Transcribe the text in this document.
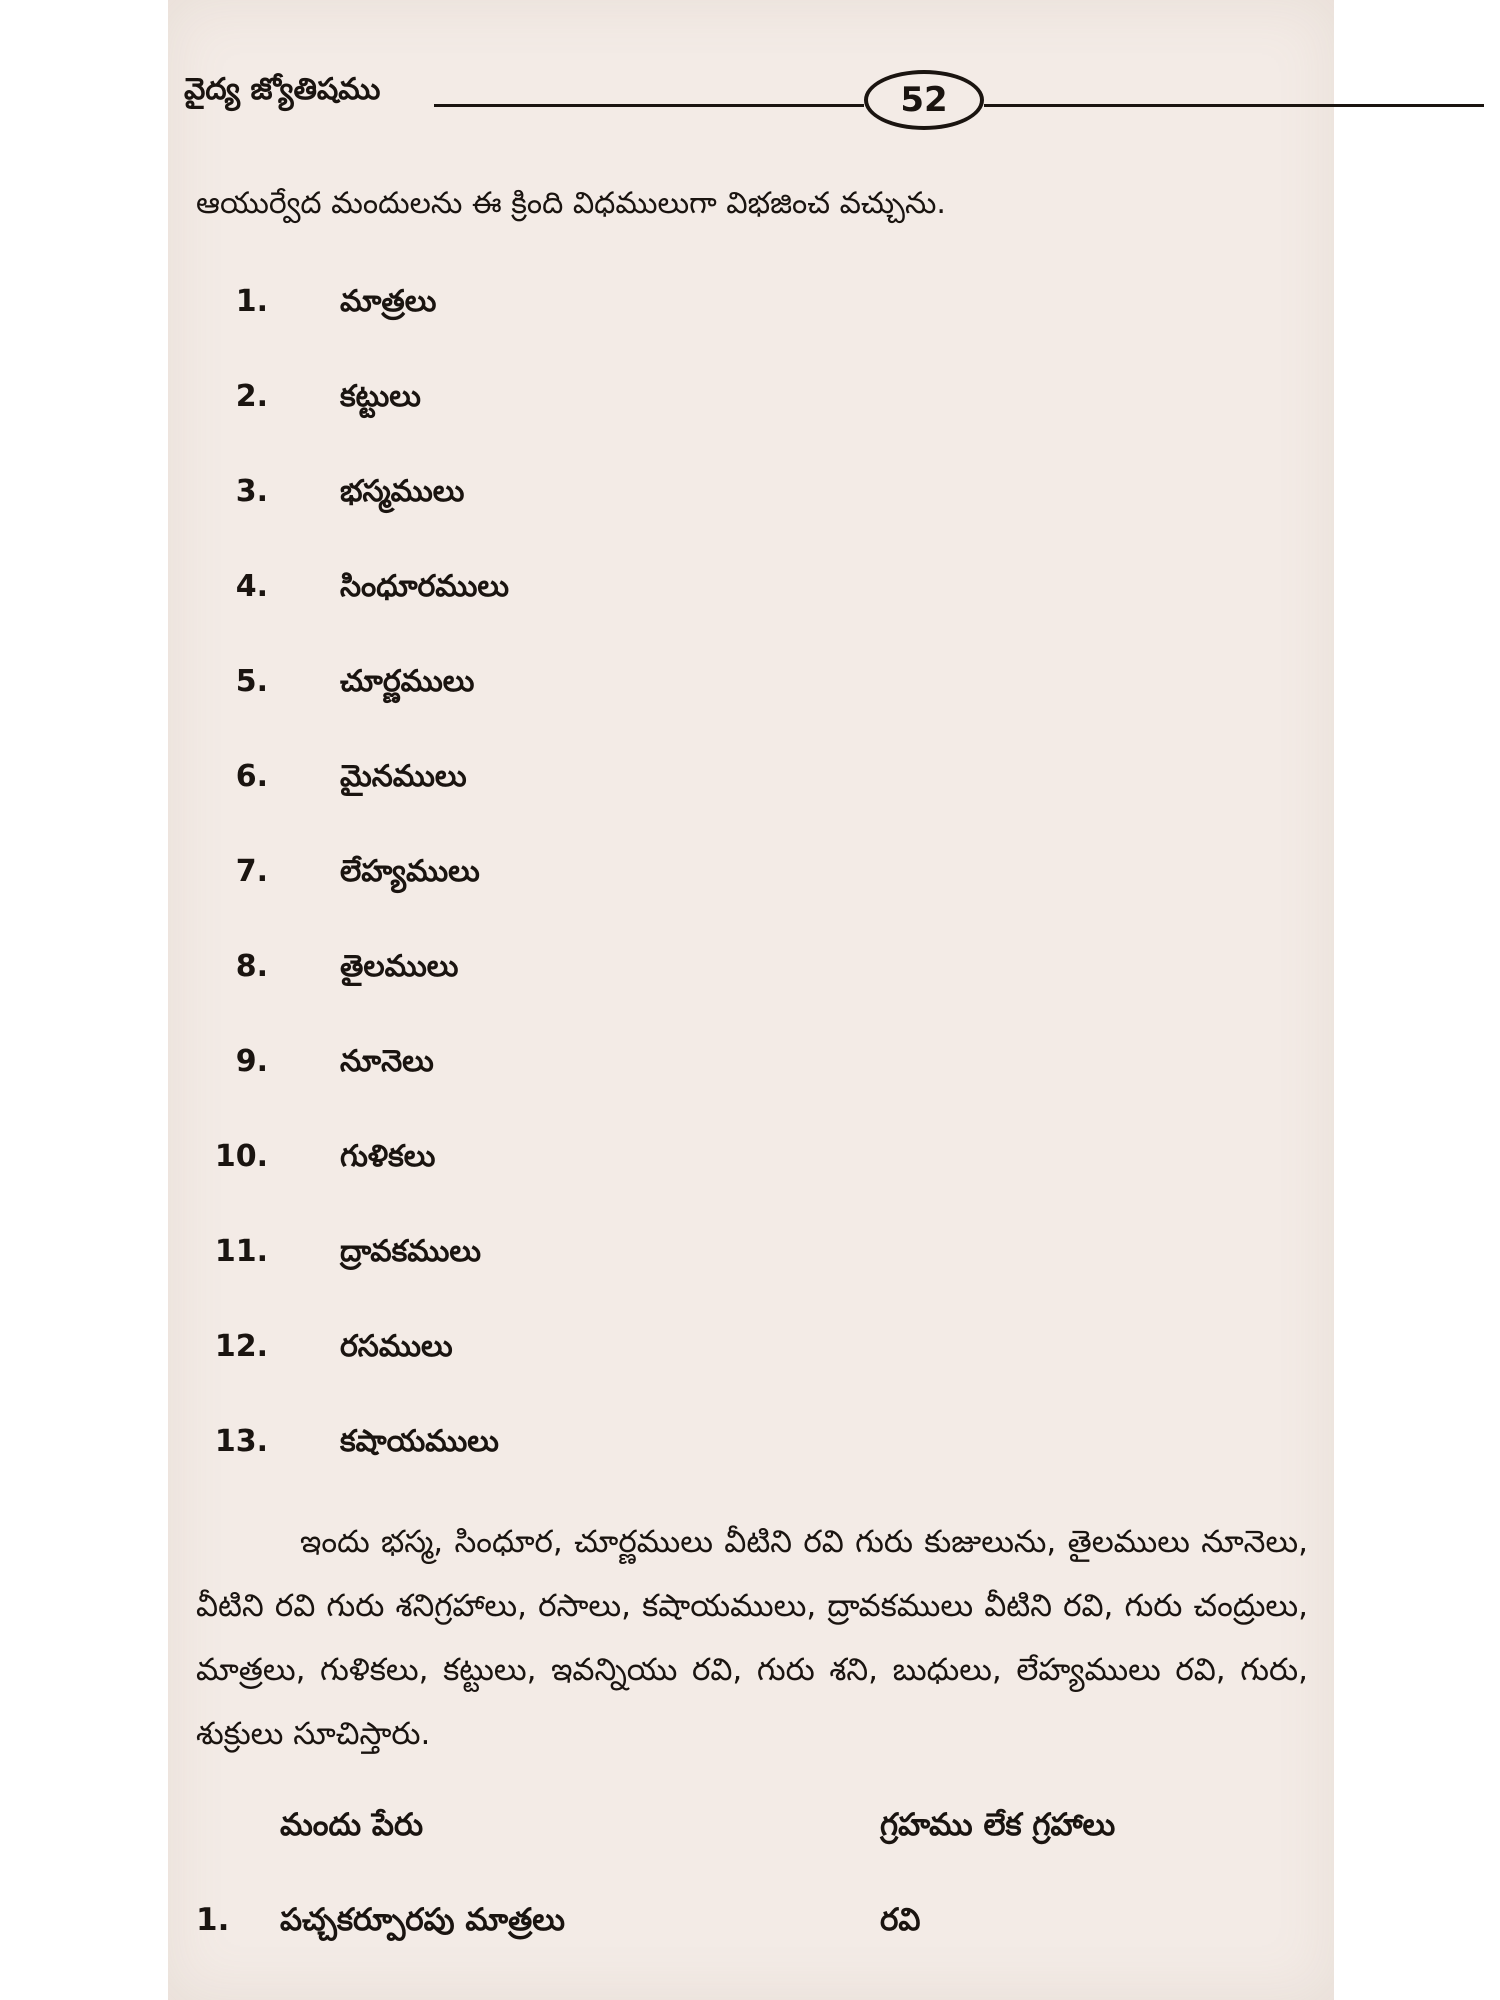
వైద్య జ్యోతిషము	52
ఆయుర్వేద మందులను ఈ క్రింది విధములుగా విభజించ వచ్చును.
1. మాత్రలు
2. కట్టులు
3. భస్మములు
4. సింధూరములు
5. చూర్ణములు
6. మైనములు
7. లేహ్యములు
8. తైలములు
9. నూనెలు
10. గుళికలు
11. ద్రావకములు
12. రసములు
13. కషాయములు
ఇందు భస్మ, సింధూర, చూర్ణములు వీటిని రవి గురు కుజులును, తైలములు నూనెలు, వీటిని రవి గురు శనిగ్రహాలు, రసాలు, కషాయములు, ద్రావకములు వీటిని రవి, గురు చంద్రులు, మాత్రలు, గుళికలు, కట్టులు, ఇవన్నియు రవి, గురు శని, బుధులు, లేహ్యములు రవి, గురు, శుక్రులు సూచిస్తారు.
మందు పేరు	గ్రహము లేక గ్రహాలు
1. పచ్చకర్పూరపు మాత్రలు	రవి
